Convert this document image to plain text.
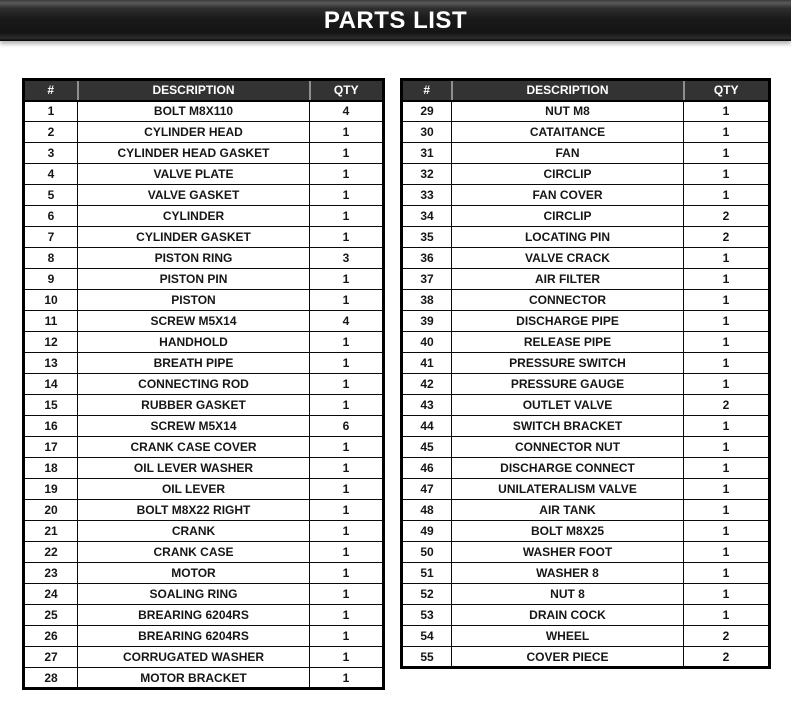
PARTS LIST
#	DESCRIPTION	QTY
1	BOLT M8X110	4
2	CYLINDER HEAD	1
3	CYLINDER HEAD GASKET	1
4	VALVE PLATE	1
5	VALVE GASKET	1
6	CYLINDER	1
7	CYLINDER GASKET	1
8	PISTON RING	3
9	PISTON PIN	1
10	PISTON	1
11	SCREW M5X14	4
12	HANDHOLD	1
13	BREATH PIPE	1
14	CONNECTING ROD	1
15	RUBBER GASKET	1
16	SCREW M5X14	6
17	CRANK CASE COVER	1
18	OIL LEVER WASHER	1
19	OIL LEVER	1
20	BOLT M8X22 RIGHT	1
21	CRANK	1
22	CRANK CASE	1
23	MOTOR	1
24	SOALING RING	1
25	BREARING 6204RS	1
26	BREARING 6204RS	1
27	CORRUGATED WASHER	1
28	MOTOR BRACKET	1
#	DESCRIPTION	QTY
29	NUT M8	1
30	CATAITANCE	1
31	FAN	1
32	CIRCLIP	1
33	FAN COVER	1
34	CIRCLIP	2
35	LOCATING PIN	2
36	VALVE CRACK	1
37	AIR FILTER	1
38	CONNECTOR	1
39	DISCHARGE PIPE	1
40	RELEASE PIPE	1
41	PRESSURE SWITCH	1
42	PRESSURE GAUGE	1
43	OUTLET VALVE	2
44	SWITCH BRACKET	1
45	CONNECTOR NUT	1
46	DISCHARGE CONNECT	1
47	UNILATERALISM VALVE	1
48	AIR TANK	1
49	BOLT M8X25	1
50	WASHER FOOT	1
51	WASHER 8	1
52	NUT 8	1
53	DRAIN COCK	1
54	WHEEL	2
55	COVER PIECE	2
